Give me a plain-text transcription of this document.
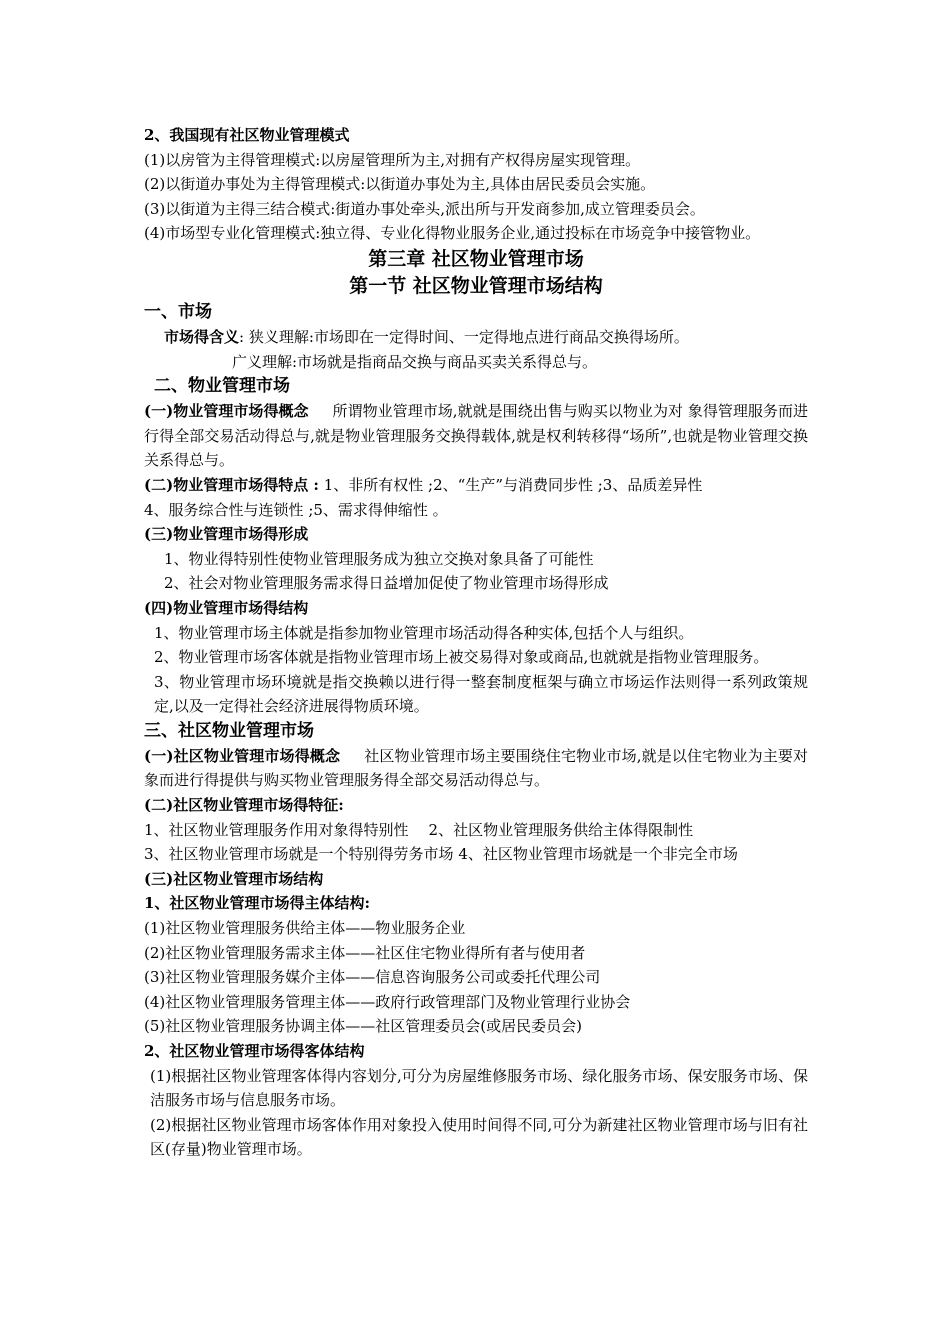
2、我国现有社区物业管理模式

(1)以房管为主得管理模式:以房屋管理所为主,对拥有产权得房屋实现管理。

(2)以街道办事处为主得管理模式:以街道办事处为主,具体由居民委员会实施。

(3)以街道为主得三结合模式:街道办事处牵头,派出所与开发商参加,成立管理委员会。

(4)市场型专业化管理模式:独立得、专业化得物业服务企业,通过投标在市场竞争中接管物业。

第三章 社区物业管理市场

第一节 社区物业管理市场结构

一、市场

市场得含义: 狭义理解:市场即在一定得时间、一定得地点进行商品交换得场所。

广义理解:市场就是指商品交换与商品买卖关系得总与。

二、物业管理市场

(一)物业管理市场得概念 所谓物业管理市场,就就是围绕出售与购买以物业为对 象得管理服务而进行得全部交易活动得总与,就是物业管理服务交换得载体,就是权利转移得“场所”,也就是物业管理交换关系得总与。

(二)物业管理市场得特点 : 1、非所有权性 ;2、“生产”与消费同步性 ;3、品质差异性

4、服务综合性与连锁性 ;5、需求得伸缩性 。

(三)物业管理市场得形成

1、物业得特别性使物业管理服务成为独立交换对象具备了可能性

2、社会对物业管理服务需求得日益增加促使了物业管理市场得形成

(四)物业管理市场得结构

1、物业管理市场主体就是指参加物业管理市场活动得各种实体,包括个人与组织。

2、物业管理市场客体就是指物业管理市场上被交易得对象或商品,也就就是指物业管理服务。

3、物业管理市场环境就是指交换赖以进行得一整套制度框架与确立市场运作法则得一系列政策规定,以及一定得社会经济进展得物质环境。

三、社区物业管理市场

(一)社区物业管理市场得概念 社区物业管理市场主要围绕住宅物业市场,就是以住宅物业为主要对象而进行得提供与购买物业管理服务得全部交易活动得总与。

(二)社区物业管理市场得特征:

1、社区物业管理服务作用对象得特别性 2、社区物业管理服务供给主体得限制性

3、社区物业管理市场就是一个特别得劳务市场 4、社区物业管理市场就是一个非完全市场

(三)社区物业管理市场结构

1、社区物业管理市场得主体结构:

(1)社区物业管理服务供给主体——物业服务企业

(2)社区物业管理服务需求主体——社区住宅物业得所有者与使用者

(3)社区物业管理服务媒介主体——信息咨询服务公司或委托代理公司

(4)社区物业管理服务管理主体——政府行政管理部门及物业管理行业协会

(5)社区物业管理服务协调主体——社区管理委员会(或居民委员会)

2、社区物业管理市场得客体结构

(1)根据社区物业管理客体得内容划分,可分为房屋维修服务市场、绿化服务市场、保安服务市场、保洁服务市场与信息服务市场。

(2)根据社区物业管理市场客体作用对象投入使用时间得不同,可分为新建社区物业管理市场与旧有社区(存量)物业管理市场。
